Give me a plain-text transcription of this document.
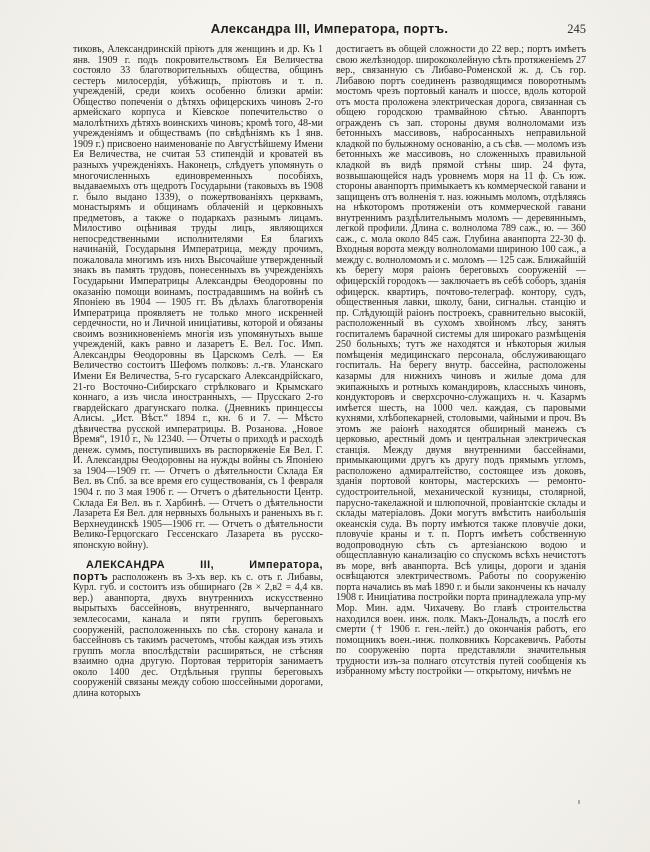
Александра III, Императора, портъ.	245

тиковъ, Александринскій пріютъ для женщинъ и др. Къ 1 янв. 1909 г. подъ покровительствомъ Ея Величества состояло 33 благотворительныхъ общества, общинъ сестеръ милосердія, убѣжищъ, пріютовъ и т. п. учрежденій, среди коихъ особенно близки арміи: Общество попеченія о дѣтяхъ офицерскихъ чиновъ 2-го армейскаго корпуса и Кіевское попечительство о малолѣтнихъ дѣтяхъ воинскихъ чиновъ; кромѣ того, 48-ми учрежденіямъ и обществамъ (по свѣдѣніямъ къ 1 янв. 1909 г.) присвоено наименованіе по Августѣйшему Имени Ея Величества, не считая 53 стипендій и кроватей въ разныхъ учрежденіяхъ. Наконецъ, слѣдуетъ упомянуть о многочисленныхъ единовременныхъ пособіяхъ, выдаваемыхъ отъ щедротъ Государыни (таковыхъ въ 1908 г. было выдано 1339), о пожертвованіяхъ церквамъ, монастырямъ и общинамъ облаченій и церковныхъ предметовъ, а также о подаркахъ разнымъ лицамъ. Милостиво оцѣнивая труды лицъ, являющихся непосредственными исполнителями Ея благихъ начинаній, Государыня Императрица, между прочимъ, пожаловала многимъ изъ нихъ Высочайше утвержденный знакъ въ память трудовъ, понесенныхъ въ учрежденіяхъ Государыни Императрицы Александры Ѳеодоровны по оказанію помощи воинамъ, пострадавшимъ на войнѣ съ Японіею въ 1904 — 1905 гг. Въ дѣлахъ благотворенія Императрица проявляетъ не только много искренней сердечности, но и Личной иниціативы, которой и обязаны своимъ возникновеніемъ многія изъ упомянутыхъ выше учрежденій, какъ равно и лазаретъ Е. Вел. Гос. Имп. Александры Ѳеодоровны въ Царскомъ Селѣ. — Ея Величество состоитъ Шефомъ полковъ: л.-гв. Уланскаго Имени Ея Величества, 5-го гусарскаго Александрійскаго, 21-го Восточно-Сибирскаго стрѣлковаго и Крымскаго коннаго, а изъ числа иностранныхъ, — Прусскаго 2-го гвардейскаго драгунскаго полка. (Дневникъ принцессы Алисы. „Ист. Вѣст.“ 1894 г., кн. 6 и 7. — Мѣсто дѣвичества русской императрицы. В. Розанова. „Новое Время“, 1910 г., № 12340. — Отчеты о приходѣ и расходѣ денеж. суммъ, поступившихъ въ распоряженіе Ея Вел. Г. И. Александры Ѳеодоровны на нужды войны съ Японіею за 1904—1909 гг. — Отчетъ о дѣятельности Склада Ея Вел. въ Спб. за все время его существованія, съ 1 февраля 1904 г. по 3 мая 1906 г. — Отчетъ о дѣятельности Центр. Склада Ея Вел. въ г. Харбинѣ. — Отчетъ о дѣятельности Лазарета Ея Вел. для нервныхъ больныхъ и раненыхъ въ г. Верхнеудинскѣ 1905—1906 гг. — Отчетъ о дѣятельности Велико-Герцогскаго Гессенскаго Лазарета въ русско-японскую войну).

АЛЕКСАНДРА III, Императора, портъ расположенъ въ 3-хъ вер. къ с. отъ г. Либавы, Курл. губ. и состоитъ изъ обширнаго (2в × 2,в2 = 4,4 кв. вер.) аванпорта, двухъ внутреннихъ искусственно вырытыхъ бассейновъ, внутренняго, вычерпаннаго землесосами, канала и пяти группъ береговыхъ сооруженій, расположенныхъ по сѣв. сторону канала и бассейновъ съ такимъ расчетомъ, чтобы каждая изъ этихъ группъ могла впослѣдствіи расширяться, не стѣсняя взаимно одна другую. Портовая территорія занимаетъ около 1400 дес. Отдѣльныя группы береговыхъ сооруженій связаны между собою шоссейными дорогами, длина которыхъ

достигаетъ въ общей сложности до 22 вер.; портъ имѣетъ свою желѣзнодор. ширококолейную сѣть протяженіемъ 27 вер., связанную съ Либаво-Роменской ж. д. Съ гор. Либавою портъ соединенъ разводящимся поворотнымъ мостомъ чрезъ портовый каналъ и шоссе, вдоль которой отъ моста проложена электрическая дорога, связанная съ общею городскою трамвайною сѣтью. Аванпортъ огражденъ съ зап. стороны двумя волноломами изъ бетонныхъ массивовъ, набросанныхъ неправильной кладкой по булыжному основанію, а съ сѣв. — моломъ изъ бетонныхъ же массивовъ, но сложенныхъ правильной кладкой въ видѣ прямой стѣны шир. 24 фута, возвышающейся надъ уровнемъ моря на 11 ф. Съ юж. стороны аванпортъ примыкаетъ къ коммерческой гавани и защищенъ отъ волненія т. наз. южнымъ моломъ, отдѣляясь на нѣкоторомъ протяженіи отъ коммерческой гавани внутреннимъ раздѣлительнымъ моломъ — деревяннымъ, легкой профили. Длина с. волнолома 789 саж., ю. — 360 саж., с. мола около 845 саж. Глубина аванпорта 22-30 ф. Входныя ворота между волноломами шириною 100 саж., а между с. волноломомъ и с. моломъ — 125 саж. Ближайшій къ берегу моря раіонъ береговыхъ сооруженій — офицерскій городокъ — заключаетъ въ себѣ соборъ, зданія офицерск. квартиръ, почтово-телеграф. контору, судъ, общественныя лавки, школу, бани, сигнальн. станцію и пр. Слѣдующій раіонъ построекъ, сравнительно высокій, расположенный въ сухомъ хвойномъ лѣсу, занятъ госпиталемъ барачной системы для широкаго размѣщенія 250 больныхъ; тутъ же находятся и нѣкоторыя жилыя помѣщенія медицинскаго персонала, обслуживающаго госпиталь. На берегу внутр. бассейна, расположены казармы для нижнихъ чиновъ и жилые дома для экипажныхъ и ротныхъ командировъ, классныхъ чиновъ, кондукторовъ и сверхсрочно-служащихъ н. ч. Казармъ имѣется шесть, на 1000 чел. каждая, съ паровыми кухнями, хлѣбопекарней, столовыми, чайными и проч. Въ этомъ же раіонѣ находятся обширный манежъ съ церковью, арестный домъ и центральная электрическая станція. Между двумя внутренними бассейнами, примыкающими другъ къ другу подъ прямымъ угломъ, расположено адмиралтейство, состоящее изъ доковъ, зданія портовой конторы, мастерскихъ — ремонто-судостроительной, механической кузницы, столярной, парусно-такелажной и шлюпочной, провіантскіе склады и склады матеріаловъ. Доки могутъ вмѣстить наибольшія океанскія суда. Въ порту имѣются также пловучіе доки, пловучіе краны и т. п. Портъ имѣетъ собственную водопроводную сѣть съ артезіанскою водою и общесплавную канализацію со спускомъ всѣхъ нечистотъ въ море, внѣ аванпорта. Всѣ улицы, дороги и зданія освѣщаются электричествомъ. Работы по сооруженію порта начались въ маѣ 1890 г. и были закончены къ началу 1908 г. Иниціатива постройки порта принадлежала упр-му Мор. Мин. адм. Чихачеву. Во главѣ строительства находился воен. инж. полк. Макъ-Дональдъ, а послѣ его смерти († 1906 г. ген.-лейт.) до окончанія работъ, его помощникъ воен.-инж. полковникъ Корсакевичъ. Работы по сооруженію порта представляли значительныя трудности изъ-за полнаго отсутствія путей сообщенія къ избранному мѣсту постройки — открытому, ничѣмъ не
